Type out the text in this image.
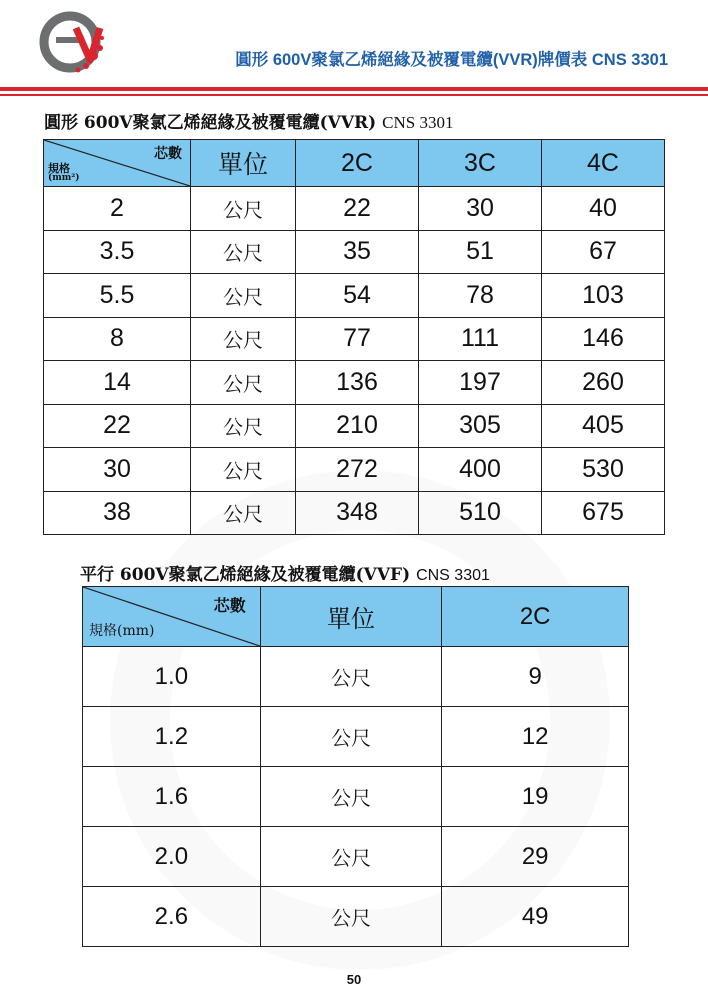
圓形 600V聚氯乙烯絕緣及被覆電纜(VVR)牌價表 CNS 3301
圓形 600V聚氯乙烯絕緣及被覆電纜(VVR) CNS 3301
芯數
規格
(mm²)	單位	2C	3C	4C
2	公尺	22	30	40
3.5	公尺	35	51	67
5.5	公尺	54	78	103
8	公尺	77	111	146
14	公尺	136	197	260
22	公尺	210	305	405
30	公尺	272	400	530
38	公尺	348	510	675
平行 600V聚氯乙烯絕緣及被覆電纜(VVF) CNS 3301
芯數
規格(mm)	單位	2C
1.0	公尺	9
1.2	公尺	12
1.6	公尺	19
2.0	公尺	29
2.6	公尺	49
50
